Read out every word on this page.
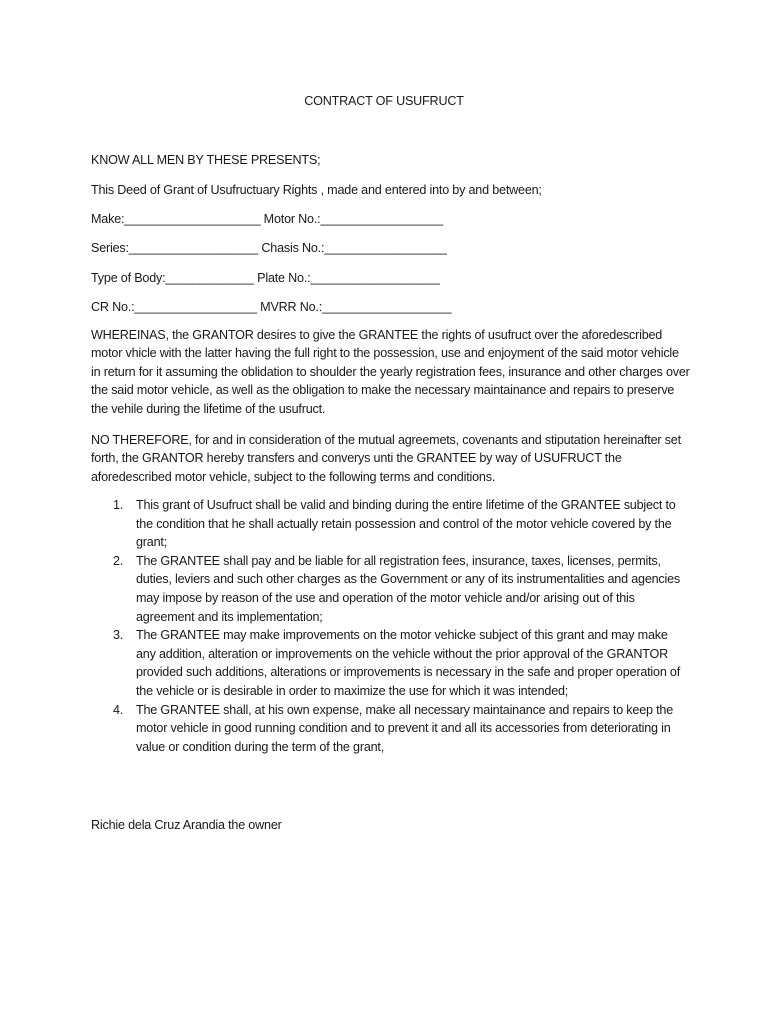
CONTRACT OF USUFRUCT
KNOW ALL MEN BY THESE PRESENTS;
This Deed of Grant of Usufructuary Rights , made and entered into by and between;
Make:____________________ Motor No.:__________________
Series:___________________ Chasis No.:__________________
Type of Body:_____________ Plate No.:___________________
CR No.:__________________ MVRR No.:___________________

WHEREINAS, the GRANTOR desires to give the GRANTEE the rights of usufruct over the aforedescribed motor vhicle with the latter having the full right to the possession, use and enjoyment of the said motor vehicle in return for it assuming the oblidation to shoulder the yearly registration fees, insurance and other charges over the said motor vehicle, as well as the obligation to make the necessary maintainance and repairs to preserve the vehile during the lifetime of the usufruct.

NO THEREFORE, for and in consideration of the mutual agreemets, covenants and stiputation hereinafter set forth, the GRANTOR hereby transfers and converys unti the GRANTEE by way of USUFRUCT the aforedescribed motor vehicle, subject to the following terms and conditions.

1. This grant of Usufruct shall be valid and binding during the entire lifetime of the GRANTEE subject to the condition that he shall actually retain possession and control of the motor vehicle covered by the grant;
2. The GRANTEE shall pay and be liable for all registration fees, insurance, taxes, licenses, permits, duties, leviers and such other charges as the Government or any of its instrumentalities and agencies may impose by reason of the use and operation of the motor vehicle and/or arising out of this agreement and its implementation;
3. The GRANTEE may make improvements on the motor vehicke subject of this grant and may make any addition, alteration or improvements on the vehicle without the prior approval of the GRANTOR provided such additions, alterations or improvements is necessary in the safe and proper operation of the vehicle or is desirable in order to maximize the use for which it was intended;
4. The GRANTEE shall, at his own expense, make all necessary maintainance and repairs to keep the motor vehicle in good running condition and to prevent it and all its accessories from deteriorating in value or condition during the term of the grant,
Richie dela Cruz Arandia the owner
